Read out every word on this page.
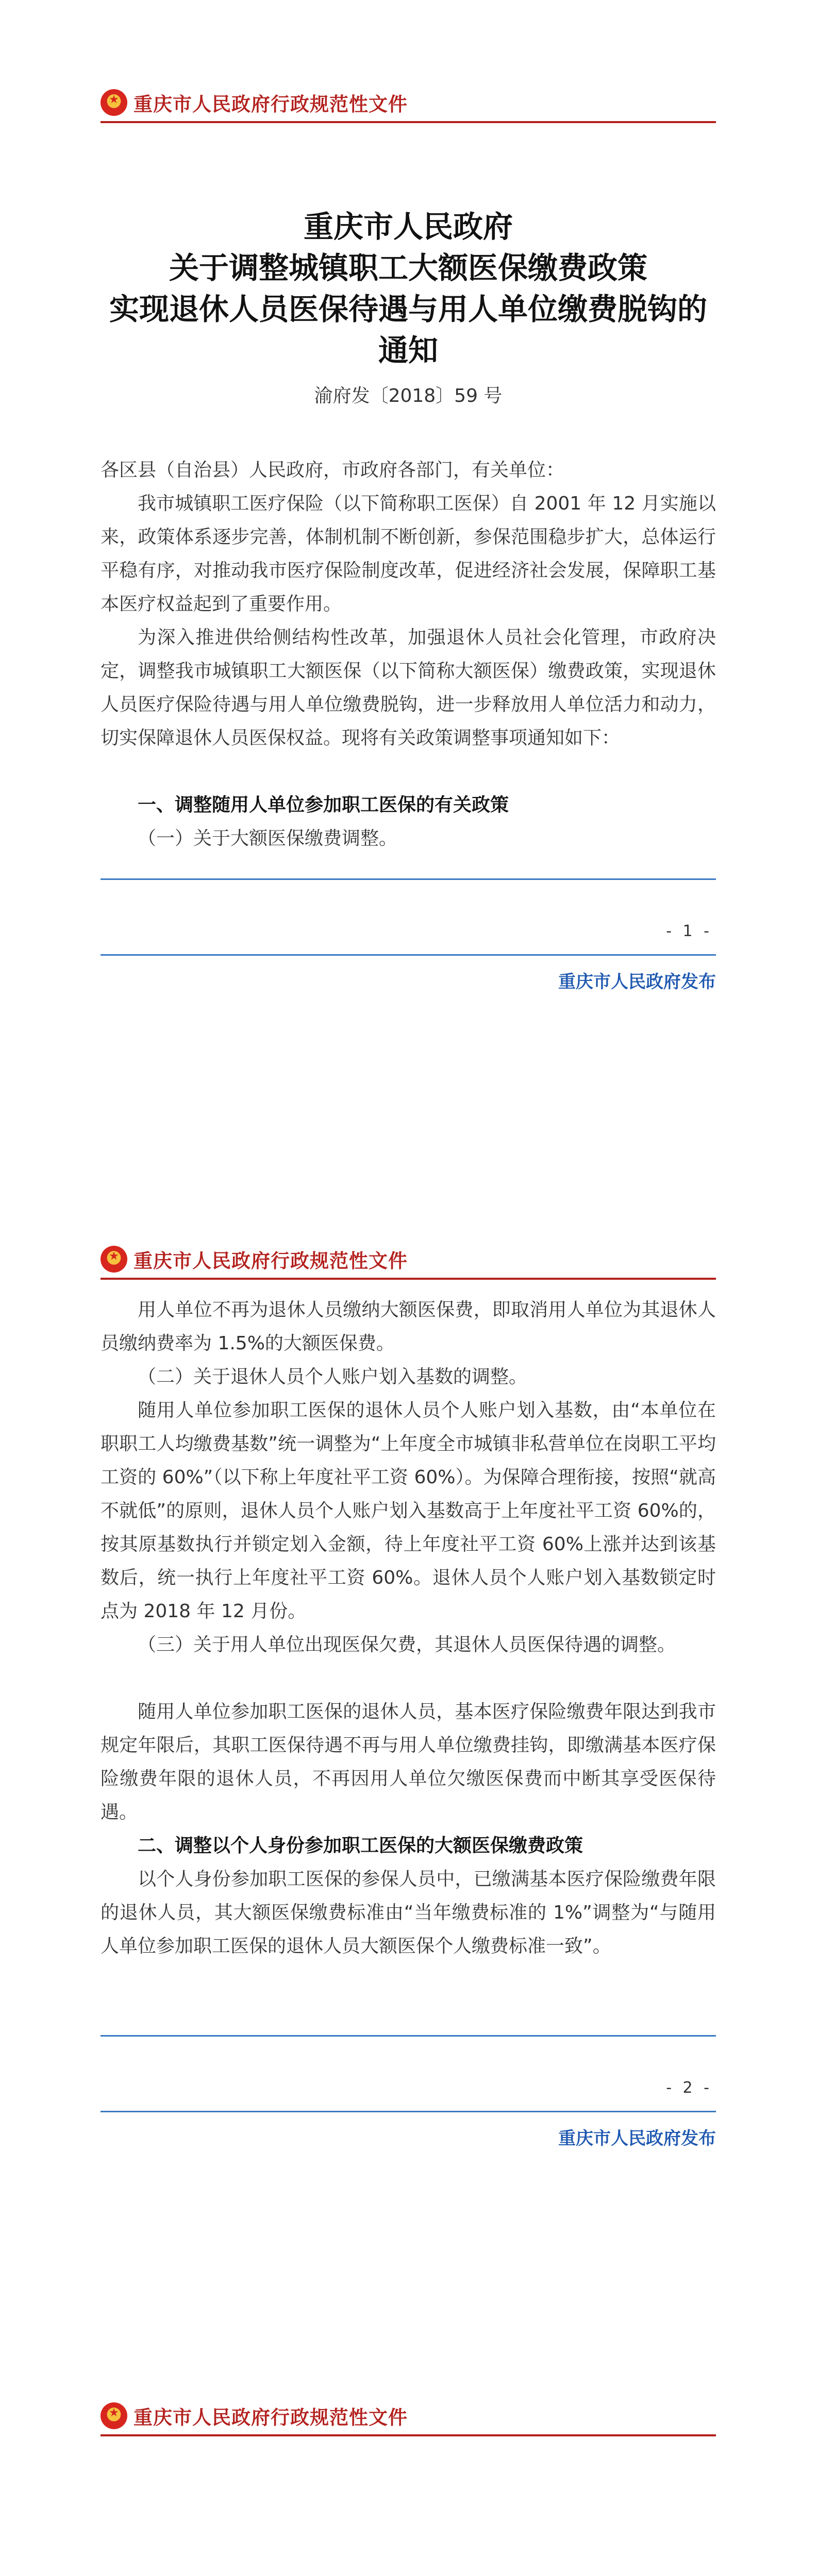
★
重庆市人民政府行政规范性文件
重庆市人民政府
关于调整城镇职工大额医保缴费政策
实现退休人员医保待遇与用人单位缴费脱钩的
通知
渝府发〔2018〕59 号

各区县（自治县）人民政府，市政府各部门，有关单位：

我市城镇职工医疗保险（以下简称职工医保）自 2001 年 12 月实施以来，政策体系逐步完善，体制机制不断创新，参保范围稳步扩大，总体运行平稳有序，对推动我市医疗保险制度改革，促进经济社会发展，保障职工基本医疗权益起到了重要作用。

为深入推进供给侧结构性改革，加强退休人员社会化管理，市政府决定，调整我市城镇职工大额医保（以下简称大额医保）缴费政策，实现退休人员医疗保险待遇与用人单位缴费脱钩，进一步释放用人单位活力和动力，切实保障退休人员医保权益。现将有关政策调整事项通知如下：

一、调整随用人单位参加职工医保的有关政策

（一）关于大额医保缴费调整。

- 1 -
重庆市人民政府发布
★
重庆市人民政府行政规范性文件

用人单位不再为退休人员缴纳大额医保费，即取消用人单位为其退休人员缴纳费率为 1.5%的大额医保费。

（二）关于退休人员个人账户划入基数的调整。

随用人单位参加职工医保的退休人员个人账户划入基数，由“本单位在职职工人均缴费基数”统一调整为“上年度全市城镇非私营单位在岗职工平均工资的 60%”（以下称上年度社平工资 60%）。为保障合理衔接，按照“就高不就低”的原则，退休人员个人账户划入基数高于上年度社平工资 60%的，按其原基数执行并锁定划入金额，待上年度社平工资 60%上涨并达到该基数后，统一执行上年度社平工资 60%。退休人员个人账户划入基数锁定时点为 2018 年 12 月份。

（三）关于用人单位出现医保欠费，其退休人员医保待遇的调整。

随用人单位参加职工医保的退休人员，基本医疗保险缴费年限达到我市规定年限后，其职工医保待遇不再与用人单位缴费挂钩，即缴满基本医疗保险缴费年限的退休人员，不再因用人单位欠缴医保费而中断其享受医保待遇。

二、调整以个人身份参加职工医保的大额医保缴费政策

以个人身份参加职工医保的参保人员中，已缴满基本医疗保险缴费年限的退休人员，其大额医保缴费标准由“当年缴费标准的 1%”调整为“与随用人单位参加职工医保的退休人员大额医保个人缴费标准一致”。

- 2 -
重庆市人民政府发布
★
重庆市人民政府行政规范性文件
